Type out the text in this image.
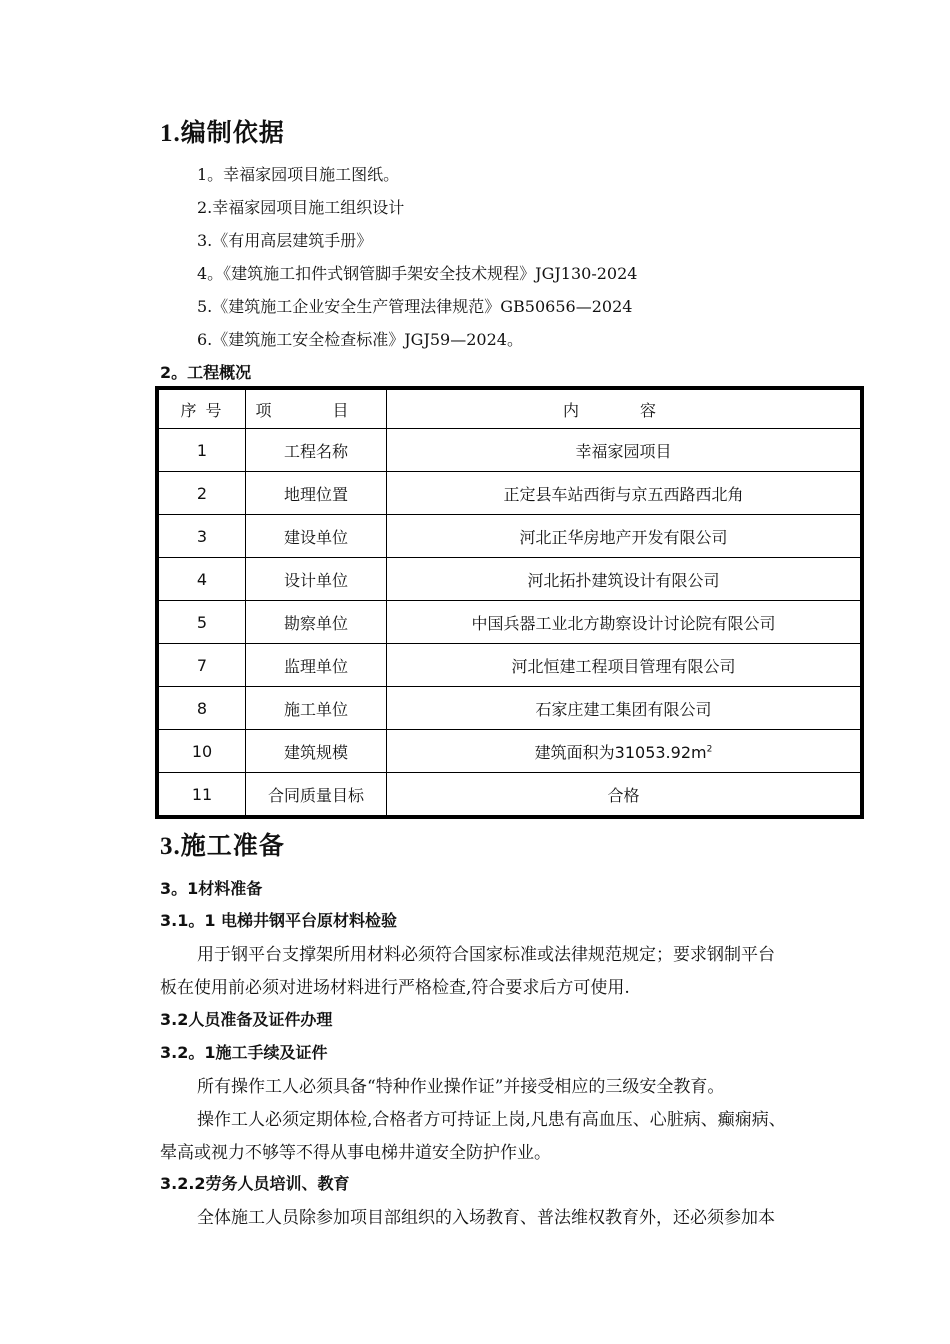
1.编制依据
1。幸福家园项目施工图纸。
2.幸福家园项目施工组织设计
3.《有用高层建筑手册》
4。《建筑施工扣件式钢管脚手架安全技术规程》JGJ130-2024
5.《建筑施工企业安全生产管理法律规范》GB50656—2024
6.《建筑施工安全检查标准》JGJ59—2024。
2。工程概况
序 号	项 目	内 容
1	工程名称	幸福家园项目
2	地理位置	正定县车站西街与京五西路西北角
3	建设单位	河北正华房地产开发有限公司
4	设计单位	河北拓扑建筑设计有限公司
5	勘察单位	中国兵器工业北方勘察设计讨论院有限公司
7	监理单位	河北恒建工程项目管理有限公司
8	施工单位	石家庄建工集团有限公司
10	建筑规模	建筑面积为$31053.92m^2$
11	合同质量目标	合格
3.施工准备
3。1材料准备
3.1。1 电梯井钢平台原材料检验
用于钢平台支撑架所用材料必须符合国家标准或法律规范规定；要求钢制平台
板在使用前必须对进场材料进行严格检查,符合要求后方可使用.
3.2人员准备及证件办理
3.2。1施工手续及证件
所有操作工人必须具备“特种作业操作证”并接受相应的三级安全教育。
操作工人必须定期体检,合格者方可持证上岗,凡患有高血压、心脏病、癫痫病、
晕高或视力不够等不得从事电梯井道安全防护作业。
3.2.2劳务人员培训、教育
全体施工人员除参加项目部组织的入场教育、普法维权教育外，还必须参加本
